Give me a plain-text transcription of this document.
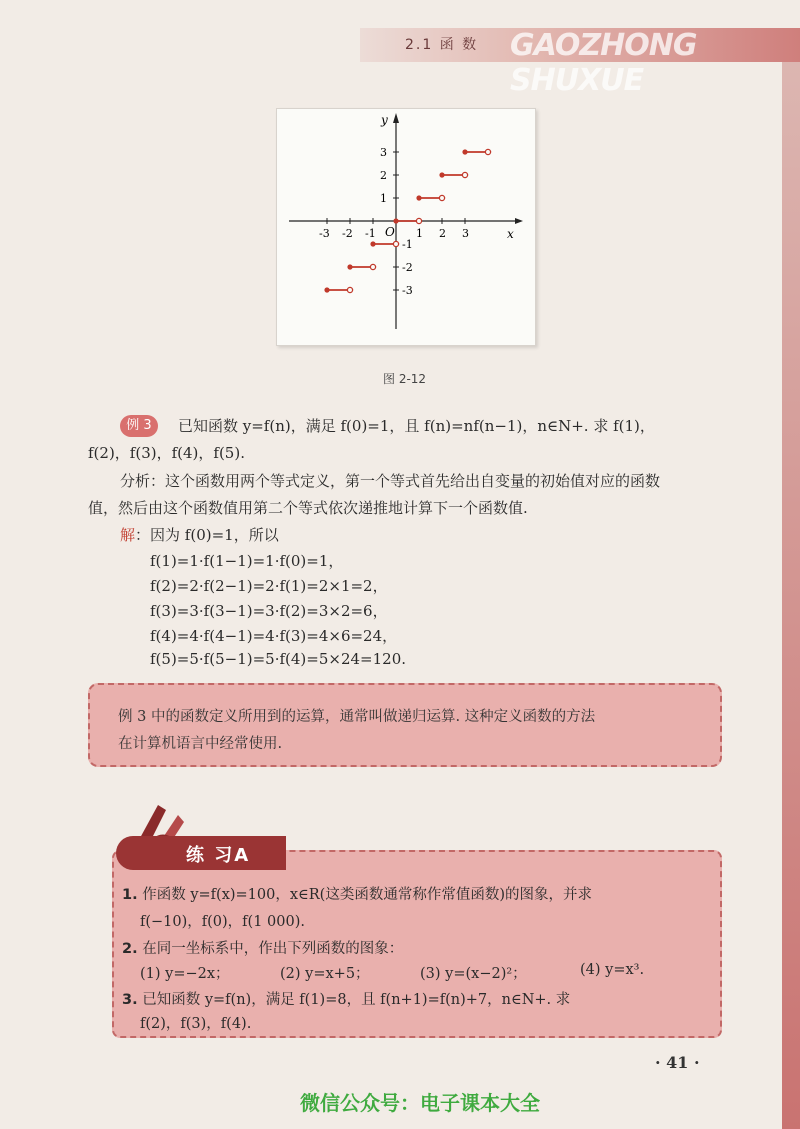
2.1 函 数 GAOZHONG SHUXUE
x
y
O
-3 -2 -1	1 2 3
3
2
1
-1
-2
-3
图 2-12
例 3	已知函数 y=f(n)，满足 f(0)=1，且 f(n)=nf(n−1)，n∈N+. 求 f(1)，
f(2)，f(3)，f(4)，f(5).
分析：这个函数用两个等式定义，第一个等式首先给出自变量的初始值对应的函数
值，然后由这个函数值用第二个等式依次递推地计算下一个函数值.
解：因为 f(0)=1，所以
f(1)=1·f(1−1)=1·f(0)=1，
f(2)=2·f(2−1)=2·f(1)=2×1=2，
f(3)=3·f(3−1)=3·f(2)=3×2=6，
f(4)=4·f(4−1)=4·f(3)=4×6=24，
f(5)=5·f(5−1)=5·f(4)=5×24=120.
例 3 中的函数定义所用到的运算，通常叫做递归运算. 这种定义函数的方法
在计算机语言中经常使用.
练 习A
1. 作函数 y=f(x)=100，x∈R(这类函数通常称作常值函数)的图象，并求
f(−10)，f(0)，f(1 000).
2. 在同一坐标系中，作出下列函数的图象：
(1) y=−2x；	(2) y=x+5；	(3) y=(x−2)²；	(4) y=x³.
3. 已知函数 y=f(n)，满足 f(1)=8，且 f(n+1)=f(n)+7，n∈N+. 求
f(2)，f(3)，f(4).
· 41 ·
微信公众号：电子课本大全
